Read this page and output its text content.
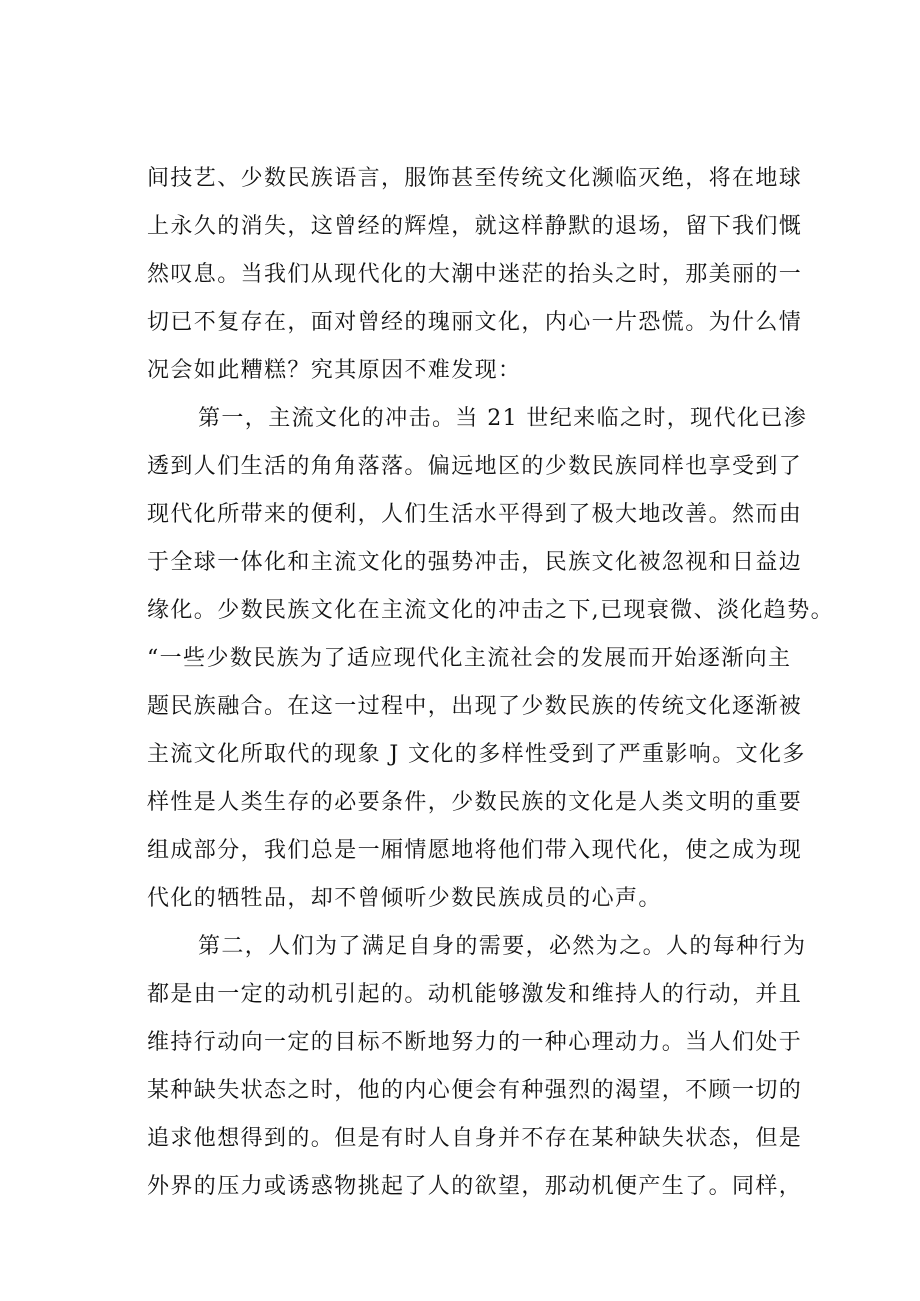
间技艺、少数民族语言，服饰甚至传统文化濒临灭绝，将在地球
上永久的消失，这曾经的辉煌，就这样静默的退场，留下我们慨
然叹息。当我们从现代化的大潮中迷茫的抬头之时，那美丽的一
切已不复存在，面对曾经的瑰丽文化，内心一片恐慌。为什么情
况会如此糟糕？究其原因不难发现：
第一，主流文化的冲击。当 21 世纪来临之时，现代化已渗
透到人们生活的角角落落。偏远地区的少数民族同样也享受到了
现代化所带来的便利，人们生活水平得到了极大地改善。然而由
于全球一体化和主流文化的强势冲击，民族文化被忽视和日益边
缘化。少数民族文化在主流文化的冲击之下,已现衰微、淡化趋势。
“一些少数民族为了适应现代化主流社会的发展而开始逐渐向主
题民族融合。在这一过程中，出现了少数民族的传统文化逐渐被
主流文化所取代的现象 J 文化的多样性受到了严重影响。文化多
样性是人类生存的必要条件，少数民族的文化是人类文明的重要
组成部分，我们总是一厢情愿地将他们带入现代化，使之成为现
代化的牺牲品，却不曾倾听少数民族成员的心声。
第二，人们为了满足自身的需要，必然为之。人的每种行为
都是由一定的动机引起的。动机能够激发和维持人的行动，并且
维持行动向一定的目标不断地努力的一种心理动力。当人们处于
某种缺失状态之时，他的内心便会有种强烈的渴望，不顾一切的
追求他想得到的。但是有时人自身并不存在某种缺失状态，但是
外界的压力或诱惑物挑起了人的欲望，那动机便产生了。同样，
